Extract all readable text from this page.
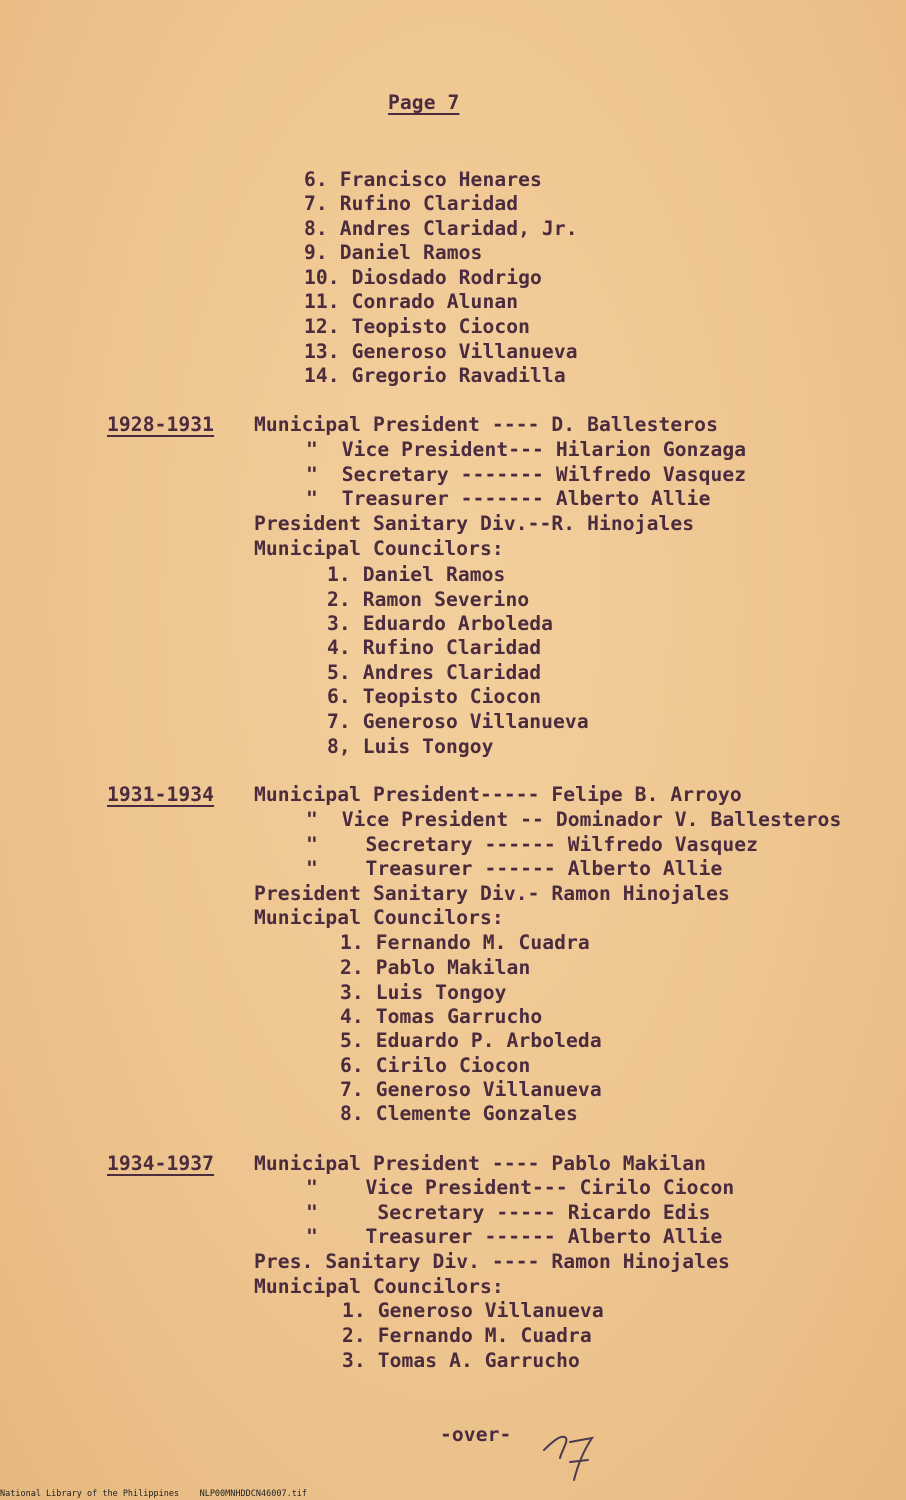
Page 7
6. Francisco Henares
7. Rufino Claridad
8. Andres Claridad, Jr.
9. Daniel Ramos
10. Diosdado Rodrigo
11. Conrado Alunan
12. Teopisto Ciocon
13. Generoso Villanueva
14. Gregorio Ravadilla
1928-1931 Municipal President ---- D. Ballesteros
"  Vice President--- Hilarion Gonzaga
"  Secretary ------- Wilfredo Vasquez
"  Treasurer ------- Alberto Allie
President Sanitary Div.--R. Hinojales
Municipal Councilors:
1. Daniel Ramos
2. Ramon Severino
3. Eduardo Arboleda
4. Rufino Claridad
5. Andres Claridad
6. Teopisto Ciocon
7. Generoso Villanueva
8, Luis Tongoy
1931-1934 Municipal President----- Felipe B. Arroyo
"  Vice President -- Dominador V. Ballesteros
"    Secretary ------ Wilfredo Vasquez
"    Treasurer ------ Alberto Allie
President Sanitary Div.- Ramon Hinojales
Municipal Councilors:
1. Fernando M. Cuadra
2. Pablo Makilan
3. Luis Tongoy
4. Tomas Garrucho
5. Eduardo P. Arboleda
6. Cirilo Ciocon
7. Generoso Villanueva
8. Clemente Gonzales
1934-1937 Municipal President ---- Pablo Makilan
"    Vice President--- Cirilo Ciocon
"     Secretary ----- Ricardo Edis
"    Treasurer ------ Alberto Allie
Pres. Sanitary Div. ---- Ramon Hinojales
Municipal Councilors:
1. Generoso Villanueva
2. Fernando M. Cuadra
3. Tomas A. Garrucho
-over-
National Library of the Philippines    NLP00MNHDDCN46007.tif
